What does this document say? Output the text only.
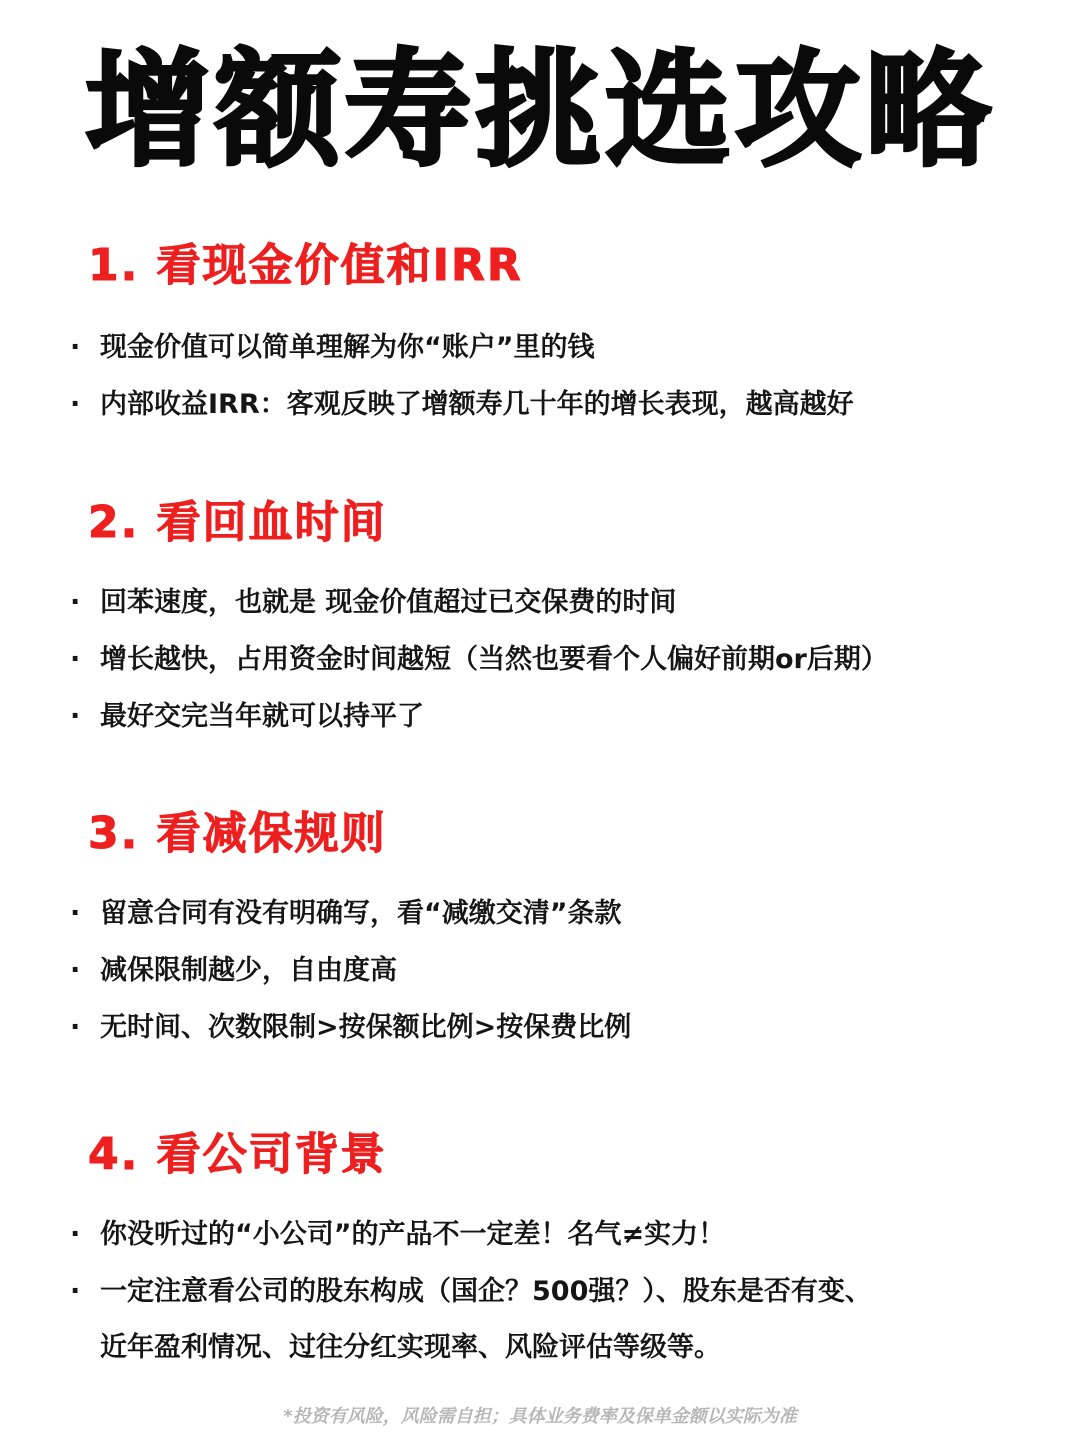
增额寿挑选攻略
1. 看现金价值和IRR
· 现金价值可以简单理解为你“账户”里的钱
· 内部收益IRR：客观反映了增额寿几十年的增长表现，越高越好
2. 看回血时间
· 回苯速度，也就是 现金价值超过已交保费的时间
· 增长越快，占用资金时间越短（当然也要看个人偏好前期or后期）
· 最好交完当年就可以持平了
3. 看减保规则
· 留意合同有没有明确写，看“减缴交清”条款
· 减保限制越少，自由度高
· 无时间、次数限制>按保额比例>按保费比例
4. 看公司背景
· 你没听过的“小公司”的产品不一定差！名气≠实力！
· 一定注意看公司的股东构成（国企？500强？）、股东是否有变、
近年盈利情况、过往分红实现率、风险评估等级等。
*投资有风险，风险需自担；具体业务费率及保单金额以实际为准
